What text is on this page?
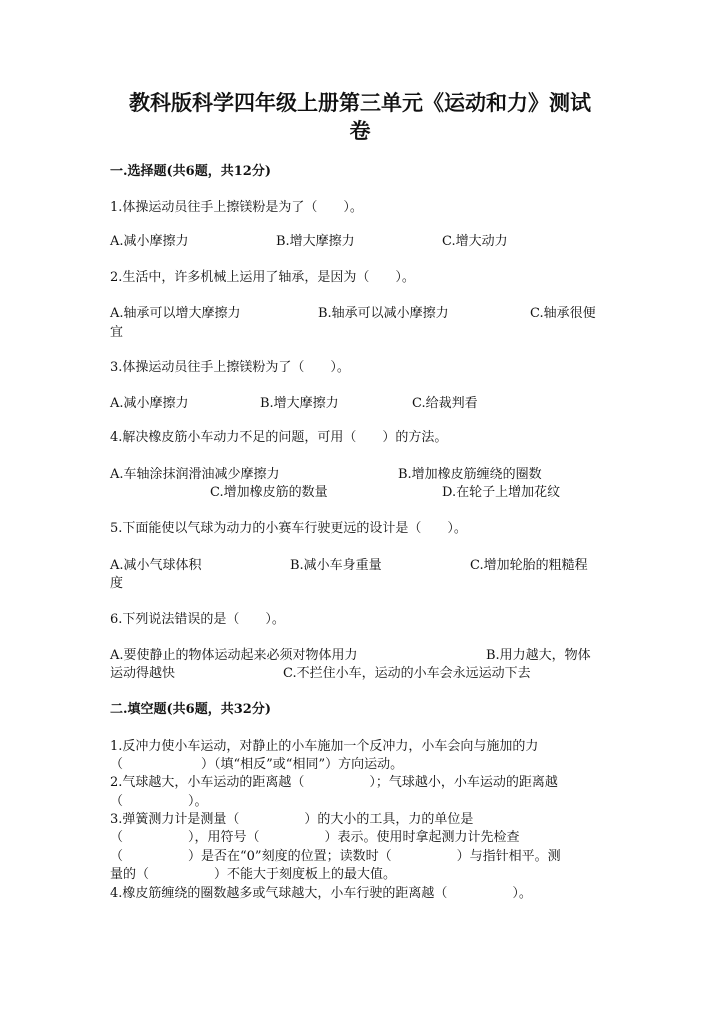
教科版科学四年级上册第三单元《运动和力》测试
卷
一.选择题(共6题，共12分)
1.体操运动员往手上擦镁粉是为了（　　）。
A.减小摩擦力	B.增大摩擦力	C.增大动力
2.生活中，许多机械上运用了轴承，是因为（　　）。
A.轴承可以增大摩擦力	B.轴承可以减小摩擦力	C.轴承很便
宜
3.体操运动员往手上擦镁粉为了（　　）。
A.减小摩擦力	B.增大摩擦力	C.给裁判看
4.解决橡皮筋小车动力不足的问题，可用（　　）的方法。
A.车轴涂抹润滑油减少摩擦力	B.增加橡皮筋缠绕的圈数
C.增加橡皮筋的数量	D.在轮子上增加花纹
5.下面能使以气球为动力的小赛车行驶更远的设计是（　　）。
A.减小气球体积	B.减小车身重量	C.增加轮胎的粗糙程
度
6.下列说法错误的是（　　）。
A.要使静止的物体运动起来必须对物体用力	B.用力越大，物体
运动得越快	C.不拦住小车，运动的小车会永远运动下去
二.填空题(共6题，共32分)
1.反冲力使小车运动，对静止的小车施加一个反冲力，小车会向与施加的力
（　　　　　　）（填“相反”或“相同”）方向运动。
2.气球越大，小车运动的距离越（　　　　　）；气球越小，小车运动的距离越
（　　　　　）。
3.弹簧测力计是测量（　　　　　）的大小的工具，力的单位是
（　　　　　），用符号（　　　　　）表示。使用时拿起测力计先检查
（　　　　　）是否在“0”刻度的位置；读数时（　　　　　）与指针相平。测
量的（　　　　　）不能大于刻度板上的最大值。
4.橡皮筋缠绕的圈数越多或气球越大，小车行驶的距离越（　　　　　）。
